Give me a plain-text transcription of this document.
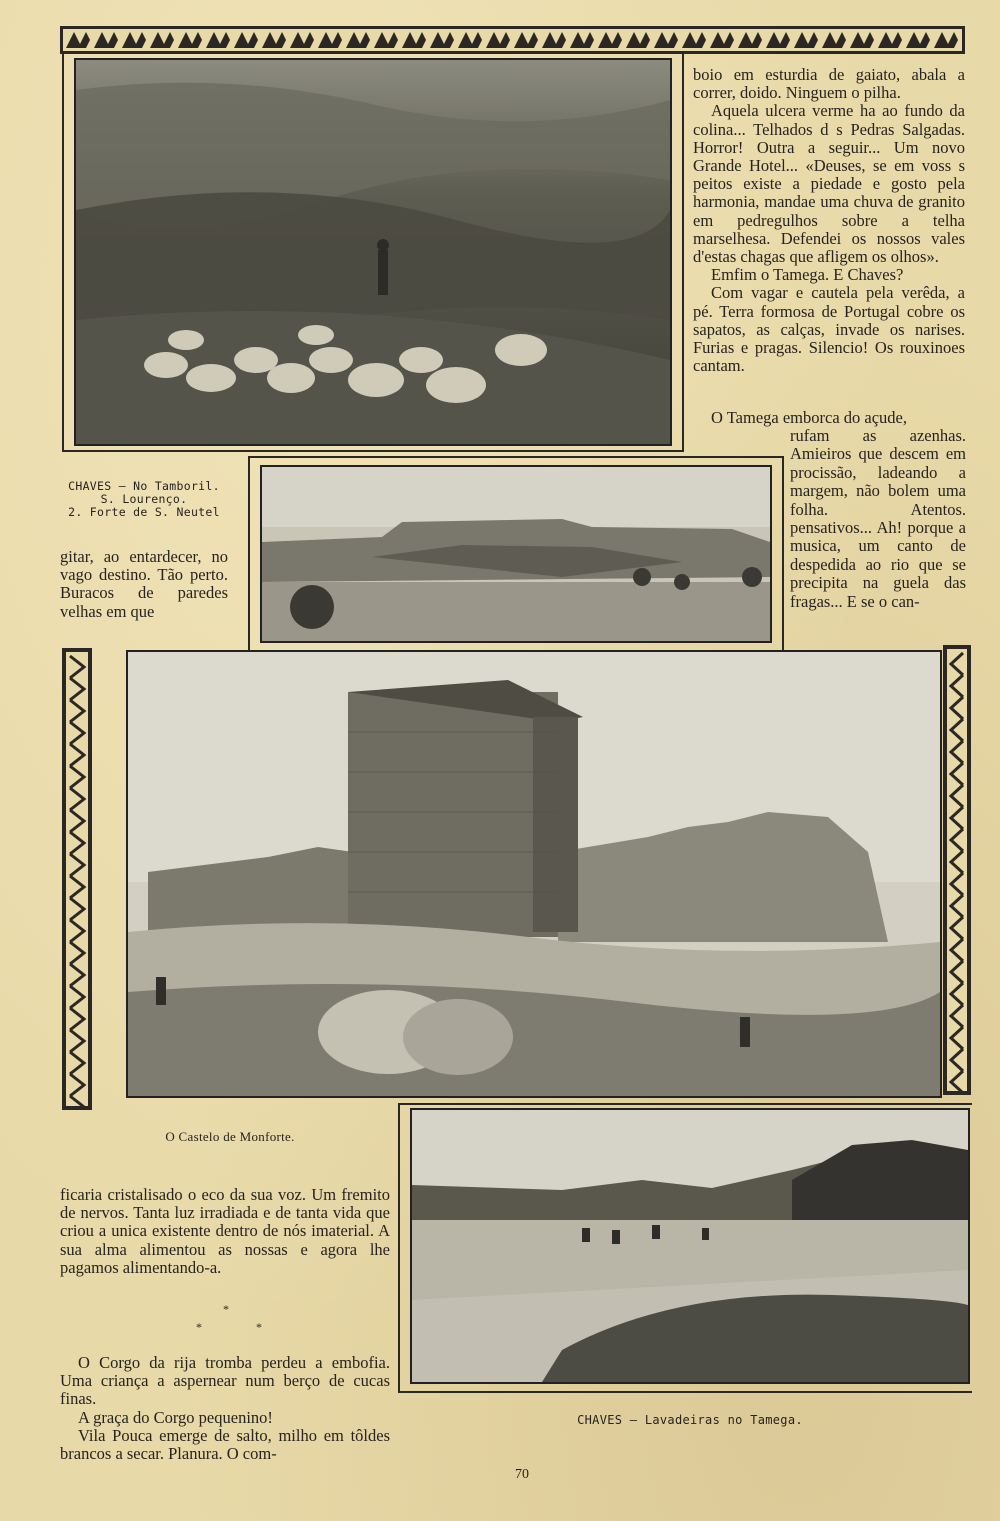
boio em esturdia de gaiato, abala a correr, doido. Ninguem o pilha.

Aquela ulcera verme ha ao fundo da colina... Telhados d s Pedras Salgadas. Horror! Outra a seguir... Um novo Grande Hotel... «Deuses, se em voss s peitos existe a piedade e gosto pela harmonia, mandae uma chuva de granito em pedregulhos sobre a telha marselhesa. Defendei os nossos vales d'estas chagas que afligem os olhos».

Emfim o Tamega. E Chaves?

Com vagar e cautela pela verêda, a pé. Terra formosa de Portugal cobre os sapatos, as calças, invade os narises. Furias e pragas. Silencio! Os rouxinoes cantam.

O Tamega emborca do açude,

rufam as azenhas. Amieiros que descem em procissão, ladeando a margem, não bolem uma folha. Atentos. pensativos... Ah! porque a musica, um canto de despedida ao rio que se precipita na guela das fragas... E se o can-

CHAVES — No Tamboril.
S. Lourenço.
2. Forte de S. Neutel

gitar, ao entardecer, no vago destino. Tão perto. Buracos de paredes velhas em que

O Castelo de Monforte.

ficaria cristalisado o eco da sua voz. Um fremito de nervos. Tanta luz irradiada e de tanta vida que criou a unica existente dentro de nós imaterial. A sua alma alimentou as nossas e agora lhe pagamos alimentando-a.

*
*	*

O Corgo da rija tromba perdeu a embofia. Uma criança a aspernear num berço de cucas finas.

A graça do Corgo pequenino!

Vila Pouca emerge de salto, milho em tôldes brancos a secar. Planura. O com-

CHAVES — Lavadeiras no Tamega.
70
